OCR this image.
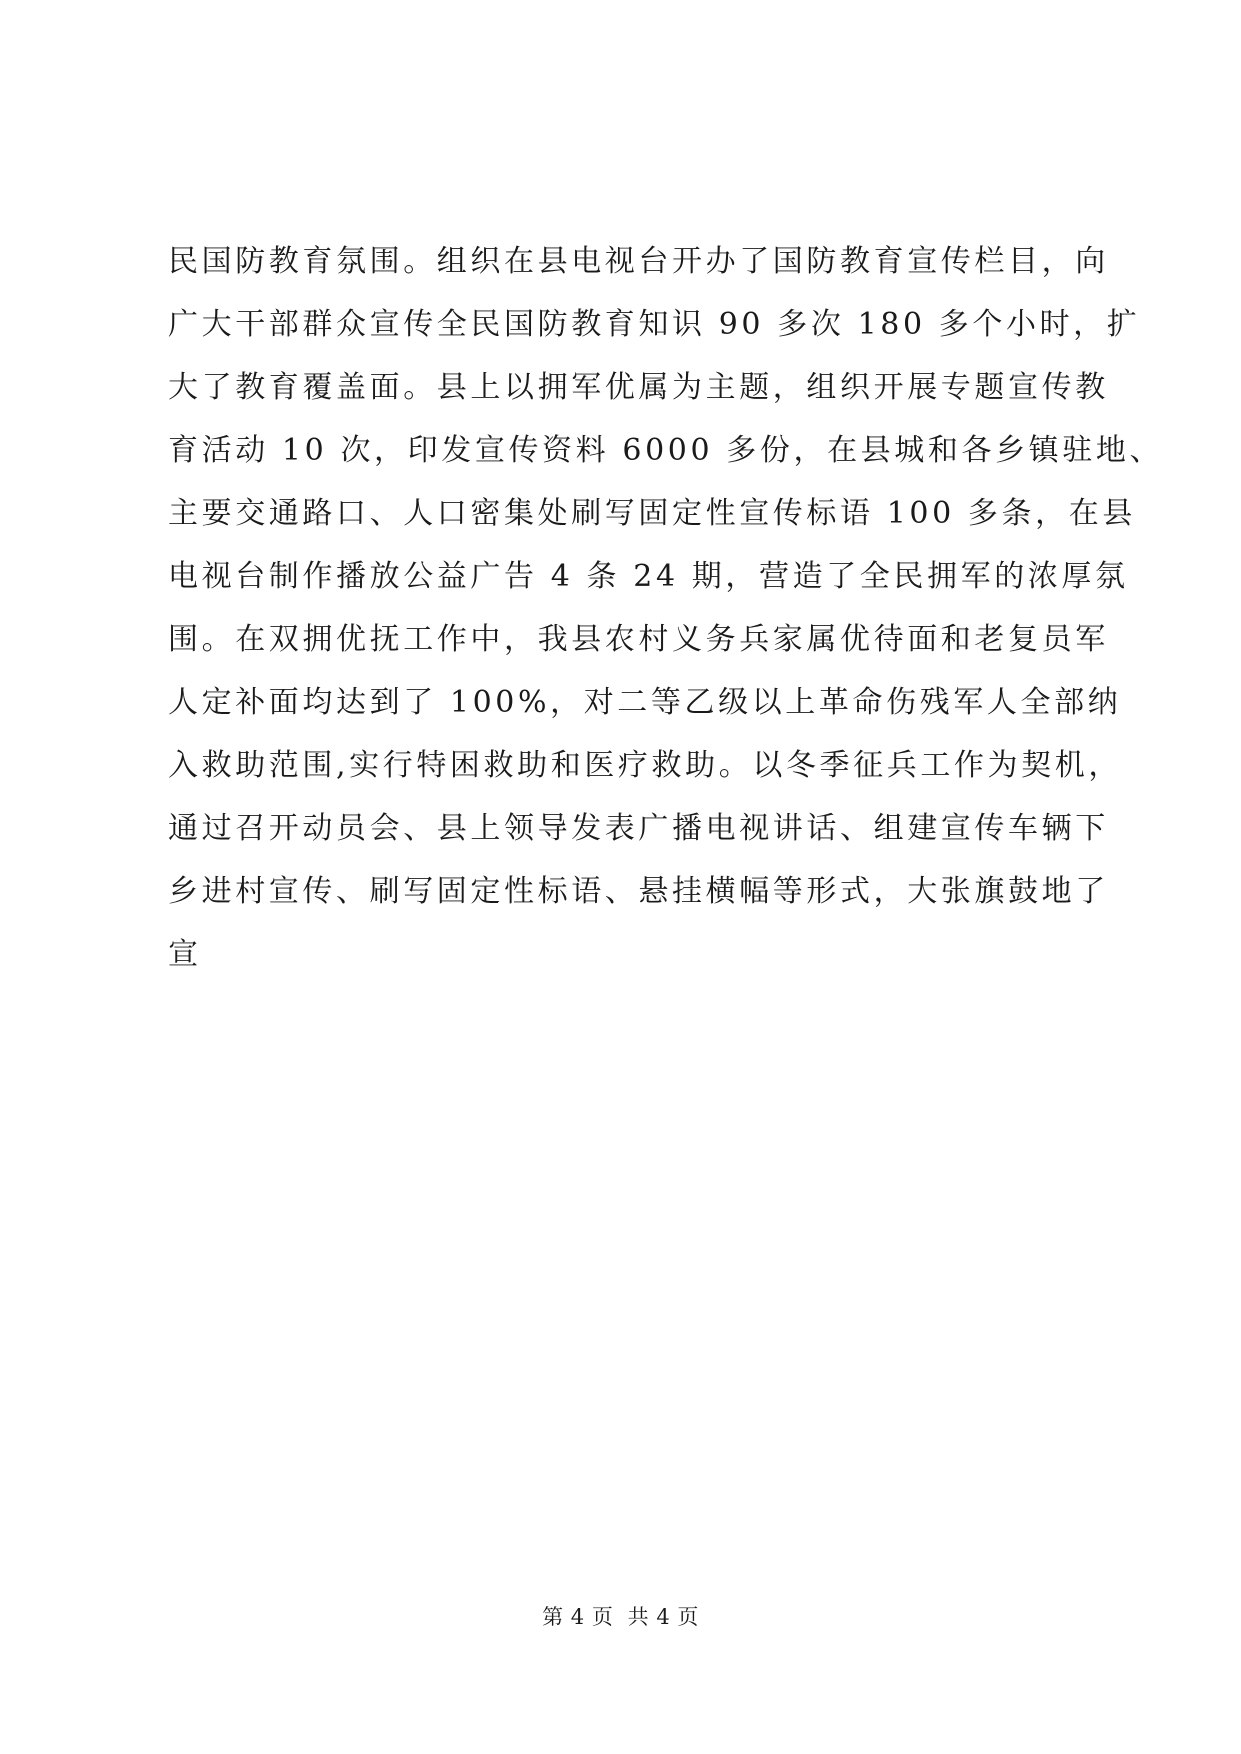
民国防教育氛围。组织在县电视台开办了国防教育宣传栏目，向
广大干部群众宣传全民国防教育知识 90 多次 180 多个小时，扩
大了教育覆盖面。县上以拥军优属为主题，组织开展专题宣传教
育活动 10 次，印发宣传资料 6000 多份，在县城和各乡镇驻地、
主要交通路口、人口密集处刷写固定性宣传标语 100 多条，在县
电视台制作播放公益广告 4 条 24 期，营造了全民拥军的浓厚氛
围。在双拥优抚工作中，我县农村义务兵家属优待面和老复员军
人定补面均达到了 100%，对二等乙级以上革命伤残军人全部纳
入救助范围,实行特困救助和医疗救助。以冬季征兵工作为契机，
通过召开动员会、县上领导发表广播电视讲话、组建宣传车辆下
乡进村宣传、刷写固定性标语、悬挂横幅等形式，大张旗鼓地了
宣
第 4 页  共 4 页
